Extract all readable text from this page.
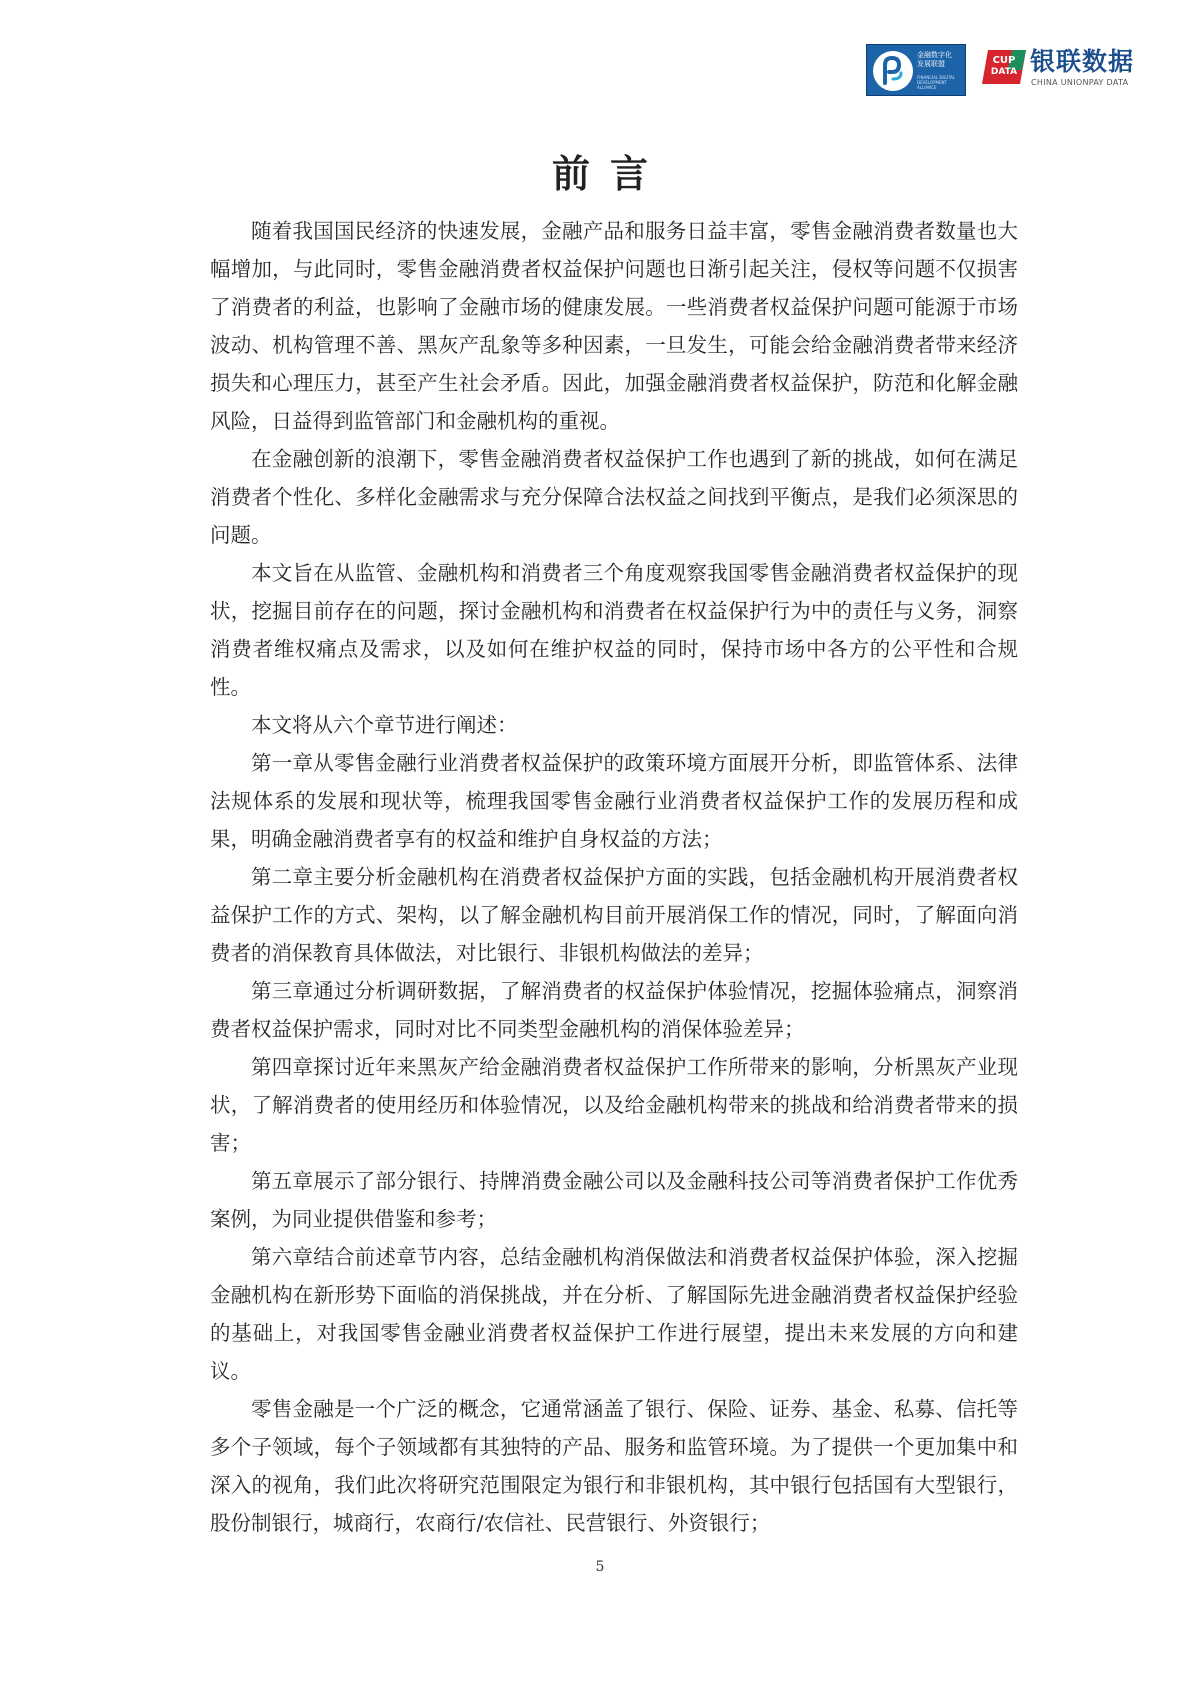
金融数字化
发展联盟
FINANCIAL DIGITAL DEVELOPMENT ALLIANCE
CUP
DATA 银联数据
CHINA UNIONPAY DATA
前言

随着我国国民经济的快速发展，金融产品和服务日益丰富，零售金融消费者数量也大幅增加，与此同时，零售金融消费者权益保护问题也日渐引起关注，侵权等问题不仅损害了消费者的利益，也影响了金融市场的健康发展。一些消费者权益保护问题可能源于市场波动、机构管理不善、黑灰产乱象等多种因素，一旦发生，可能会给金融消费者带来经济损失和心理压力，甚至产生社会矛盾。因此，加强金融消费者权益保护，防范和化解金融风险，日益得到监管部门和金融机构的重视。

在金融创新的浪潮下，零售金融消费者权益保护工作也遇到了新的挑战，如何在满足消费者个性化、多样化金融需求与充分保障合法权益之间找到平衡点，是我们必须深思的问题。

本文旨在从监管、金融机构和消费者三个角度观察我国零售金融消费者权益保护的现状，挖掘目前存在的问题，探讨金融机构和消费者在权益保护行为中的责任与义务，洞察消费者维权痛点及需求，以及如何在维护权益的同时，保持市场中各方的公平性和合规性。

本文将从六个章节进行阐述：

第一章从零售金融行业消费者权益保护的政策环境方面展开分析，即监管体系、法律法规体系的发展和现状等，梳理我国零售金融行业消费者权益保护工作的发展历程和成果，明确金融消费者享有的权益和维护自身权益的方法；

第二章主要分析金融机构在消费者权益保护方面的实践，包括金融机构开展消费者权益保护工作的方式、架构，以了解金融机构目前开展消保工作的情况，同时，了解面向消费者的消保教育具体做法，对比银行、非银机构做法的差异；

第三章通过分析调研数据，了解消费者的权益保护体验情况，挖掘体验痛点，洞察消费者权益保护需求，同时对比不同类型金融机构的消保体验差异；

第四章探讨近年来黑灰产给金融消费者权益保护工作所带来的影响，分析黑灰产业现状，了解消费者的使用经历和体验情况，以及给金融机构带来的挑战和给消费者带来的损害；

第五章展示了部分银行、持牌消费金融公司以及金融科技公司等消费者保护工作优秀案例，为同业提供借鉴和参考；

第六章结合前述章节内容，总结金融机构消保做法和消费者权益保护体验，深入挖掘金融机构在新形势下面临的消保挑战，并在分析、了解国际先进金融消费者权益保护经验的基础上，对我国零售金融业消费者权益保护工作进行展望，提出未来发展的方向和建议。

零售金融是一个广泛的概念，它通常涵盖了银行、保险、证券、基金、私募、信托等多个子领域，每个子领域都有其独特的产品、服务和监管环境。为了提供一个更加集中和深入的视角，我们此次将研究范围限定为银行和非银机构，其中银行包括国有大型银行，股份制银行，城商行，农商行/农信社、民营银行、外资银行；

5
